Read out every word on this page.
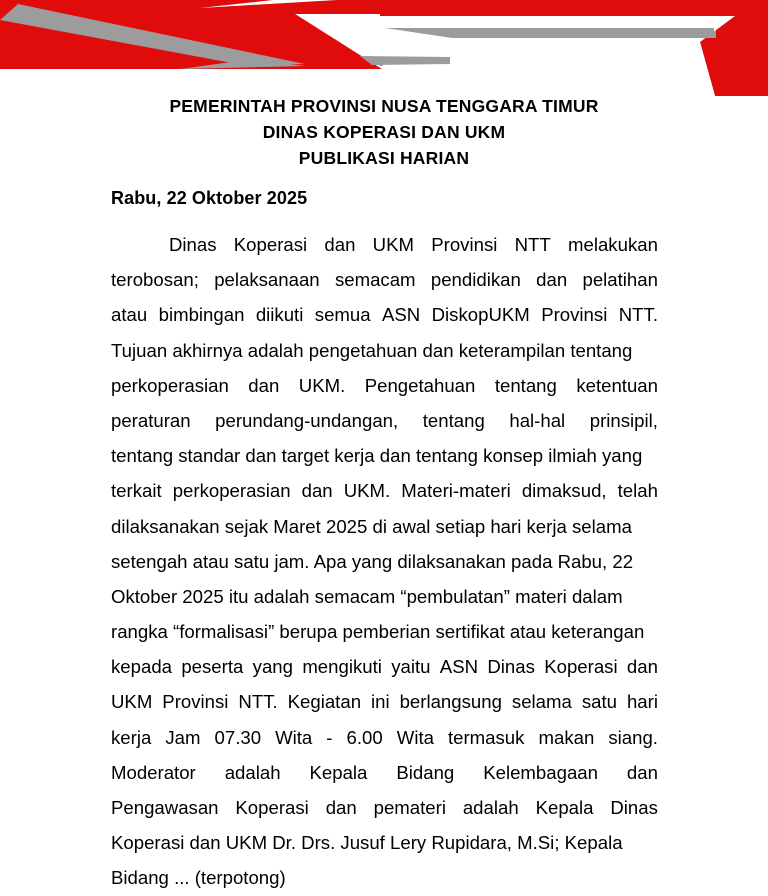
PEMERINTAH PROVINSI NUSA TENGGARA TIMUR
DINAS KOPERASI DAN UKM
PUBLIKASI HARIAN
Rabu, 22 Oktober 2025
Dinas Koperasi dan UKM Provinsi NTT melakukan
terobosan; pelaksanaan semacam pendidikan dan pelatihan
atau bimbingan diikuti semua ASN DiskopUKM Provinsi NTT.
Tujuan akhirnya adalah pengetahuan dan keterampilan tentang
perkoperasian dan UKM. Pengetahuan tentang ketentuan
peraturan perundang-undangan, tentang hal-hal prinsipil,
tentang standar dan target kerja dan tentang konsep ilmiah yang
terkait perkoperasian dan UKM. Materi-materi dimaksud, telah
dilaksanakan sejak Maret 2025 di awal setiap hari kerja selama
setengah atau satu jam. Apa yang dilaksanakan pada Rabu, 22
Oktober 2025 itu adalah semacam “pembulatan” materi dalam
rangka “formalisasi” berupa pemberian sertifikat atau keterangan
kepada peserta yang mengikuti yaitu ASN Dinas Koperasi dan
UKM Provinsi NTT. Kegiatan ini berlangsung selama satu hari
kerja Jam 07.30 Wita - 6.00 Wita termasuk makan siang.
Moderator adalah Kepala Bidang Kelembagaan dan
Pengawasan Koperasi dan pemateri adalah Kepala Dinas
Koperasi dan UKM Dr. Drs. Jusuf Lery Rupidara, M.Si; Kepala
Bidang ... (terpotong)
